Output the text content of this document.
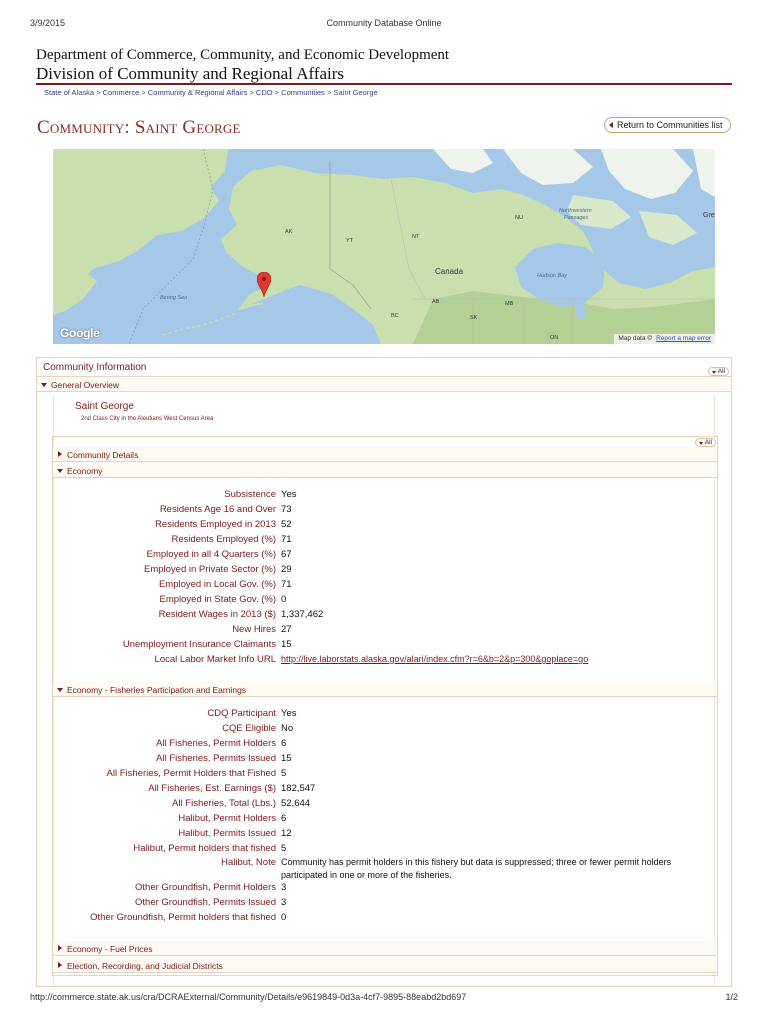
3/9/2015	Community Database Online
Department of Commerce, Community, and Economic Development
Division of Community and Regional Affairs
State of Alaska > Commerce > Community & Regional Affairs > CDO > Communities > Saint George
Community: Saint George	Return to Communities list
AK
YT
NT
NU
Canada
Bering Sea
Hudson Bay
Northwestern
Passages	Gre
BC
AB
SK
MB
ON
Google	Map data © Report a map error
Community Information	All
General Overview
Saint George
2nd Class City in the Aleutians West Census Area
All
Community Details
Economy
Economy - Fisheries Participation and Earnings
Economy - Fuel Prices
Election, Recording, and Judicial Districts
Subsistence Yes
Residents Age 16 and Over 73
Residents Employed in 2013 52
Residents Employed (%) 71
Employed in all 4 Quarters (%) 67
Employed in Private Sector (%) 29
Employed in Local Gov. (%) 71
Employed in State Gov. (%) 0
Resident Wages in 2013 ($) 1,337,462
New Hires 27
Unemployment Insurance Claimants 15
Local Labor Market Info URL http://live.laborstats.alaska.gov/alari/index.cfm?r=6&b=2&p=300&goplace=go
CDQ Participant Yes
CQE Eligible No
All Fisheries, Permit Holders 6
All Fisheries, Permits Issued 15
All Fisheries, Permit Holders that Fished 5
All Fisheries, Est. Earnings ($) 182,547
All Fisheries, Total (Lbs.) 52,644
Halibut, Permit Holders 6
Halibut, Permits Issued 12
Halibut, Permit holders that fished 5
Halibut, Note Community has permit holders in this fishery but data is suppressed; three or fewer permit holders participated in one or more of the fisheries.
Other Groundfish, Permit Holders 3
Other Groundfish, Permits Issued 3
Other Groundfish, Permit holders that fished 0
http://commerce.state.ak.us/cra/DCRAExternal/Community/Details/e9619849-0d3a-4cf7-9895-88eabd2bd697	1/2
